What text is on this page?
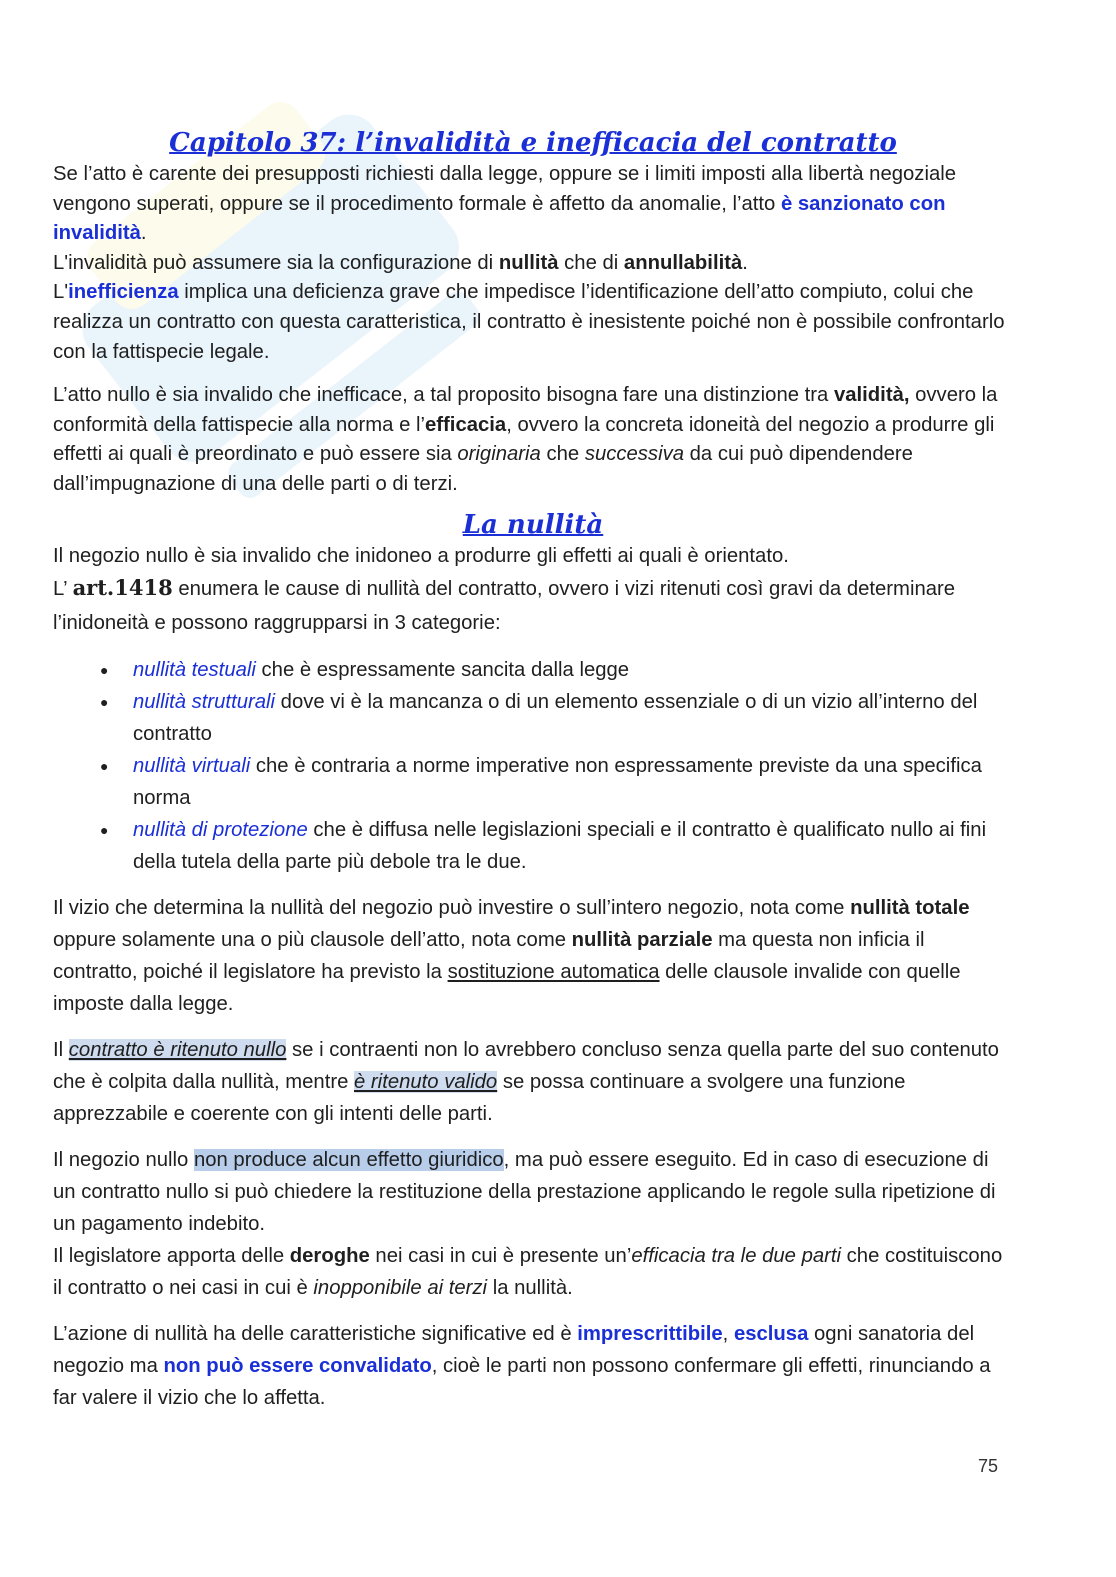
Capitolo 37: l’invalidità e inefficacia del contratto

Se l’atto è carente dei presupposti richiesti dalla legge, oppure se i limiti imposti alla libertà negoziale vengono superati, oppure se il procedimento formale è affetto da anomalie, l’atto è sanzionato con invalidità.

L'invalidità può assumere sia la configurazione di nullità che di annullabilità.

L'inefficienza implica una deficienza grave che impedisce l’identificazione dell’atto compiuto, colui che realizza un contratto con questa caratteristica, il contratto è inesistente poiché non è possibile confrontarlo con la fattispecie legale.

L’atto nullo è sia invalido che inefficace, a tal proposito bisogna fare una distinzione tra validità, ovvero la conformità della fattispecie alla norma e l’efficacia, ovvero la concreta idoneità del negozio a produrre gli effetti ai quali è preordinato e può essere sia originaria che successiva da cui può dipendendere dall’impugnazione di una delle parti o di terzi.

La nullità

Il negozio nullo è sia invalido che inidoneo a produrre gli effetti ai quali è orientato.

L’ art.1418 enumera le cause di nullità del contratto, ovvero i vizi ritenuti così gravi da determinare l’inidoneità e possono raggrupparsi in 3 categorie:

● nullità testuali che è espressamente sancita dalla legge
● nullità strutturali dove vi è la mancanza o di un elemento essenziale o di un vizio all’interno del contratto
● nullità virtuali che è contraria a norme imperative non espressamente previste da una specifica norma
● nullità di protezione che è diffusa nelle legislazioni speciali e il contratto è qualificato nullo ai fini della tutela della parte più debole tra le due.

Il vizio che determina la nullità del negozio può investire o sull’intero negozio, nota come nullità totale oppure solamente una o più clausole dell’atto, nota come nullità parziale ma questa non inficia il contratto, poiché il legislatore ha previsto la sostituzione automatica delle clausole invalide con quelle imposte dalla legge.

Il contratto è ritenuto nullo se i contraenti non lo avrebbero concluso senza quella parte del suo contenuto che è colpita dalla nullità, mentre è ritenuto valido se possa continuare a svolgere una funzione apprezzabile e coerente con gli intenti delle parti.

Il negozio nullo non produce alcun effetto giuridico, ma può essere eseguito. Ed in caso di esecuzione di un contratto nullo si può chiedere la restituzione della prestazione applicando le regole sulla ripetizione di un pagamento indebito.

Il legislatore apporta delle deroghe nei casi in cui è presente un’efficacia tra le due parti che costituiscono il contratto o nei casi in cui è inopponibile ai terzi la nullità.

L’azione di nullità ha delle caratteristiche significative ed è imprescrittibile, esclusa ogni sanatoria del negozio ma non può essere convalidato, cioè le parti non possono confermare gli effetti, rinunciando a far valere il vizio che lo affetta.

75
